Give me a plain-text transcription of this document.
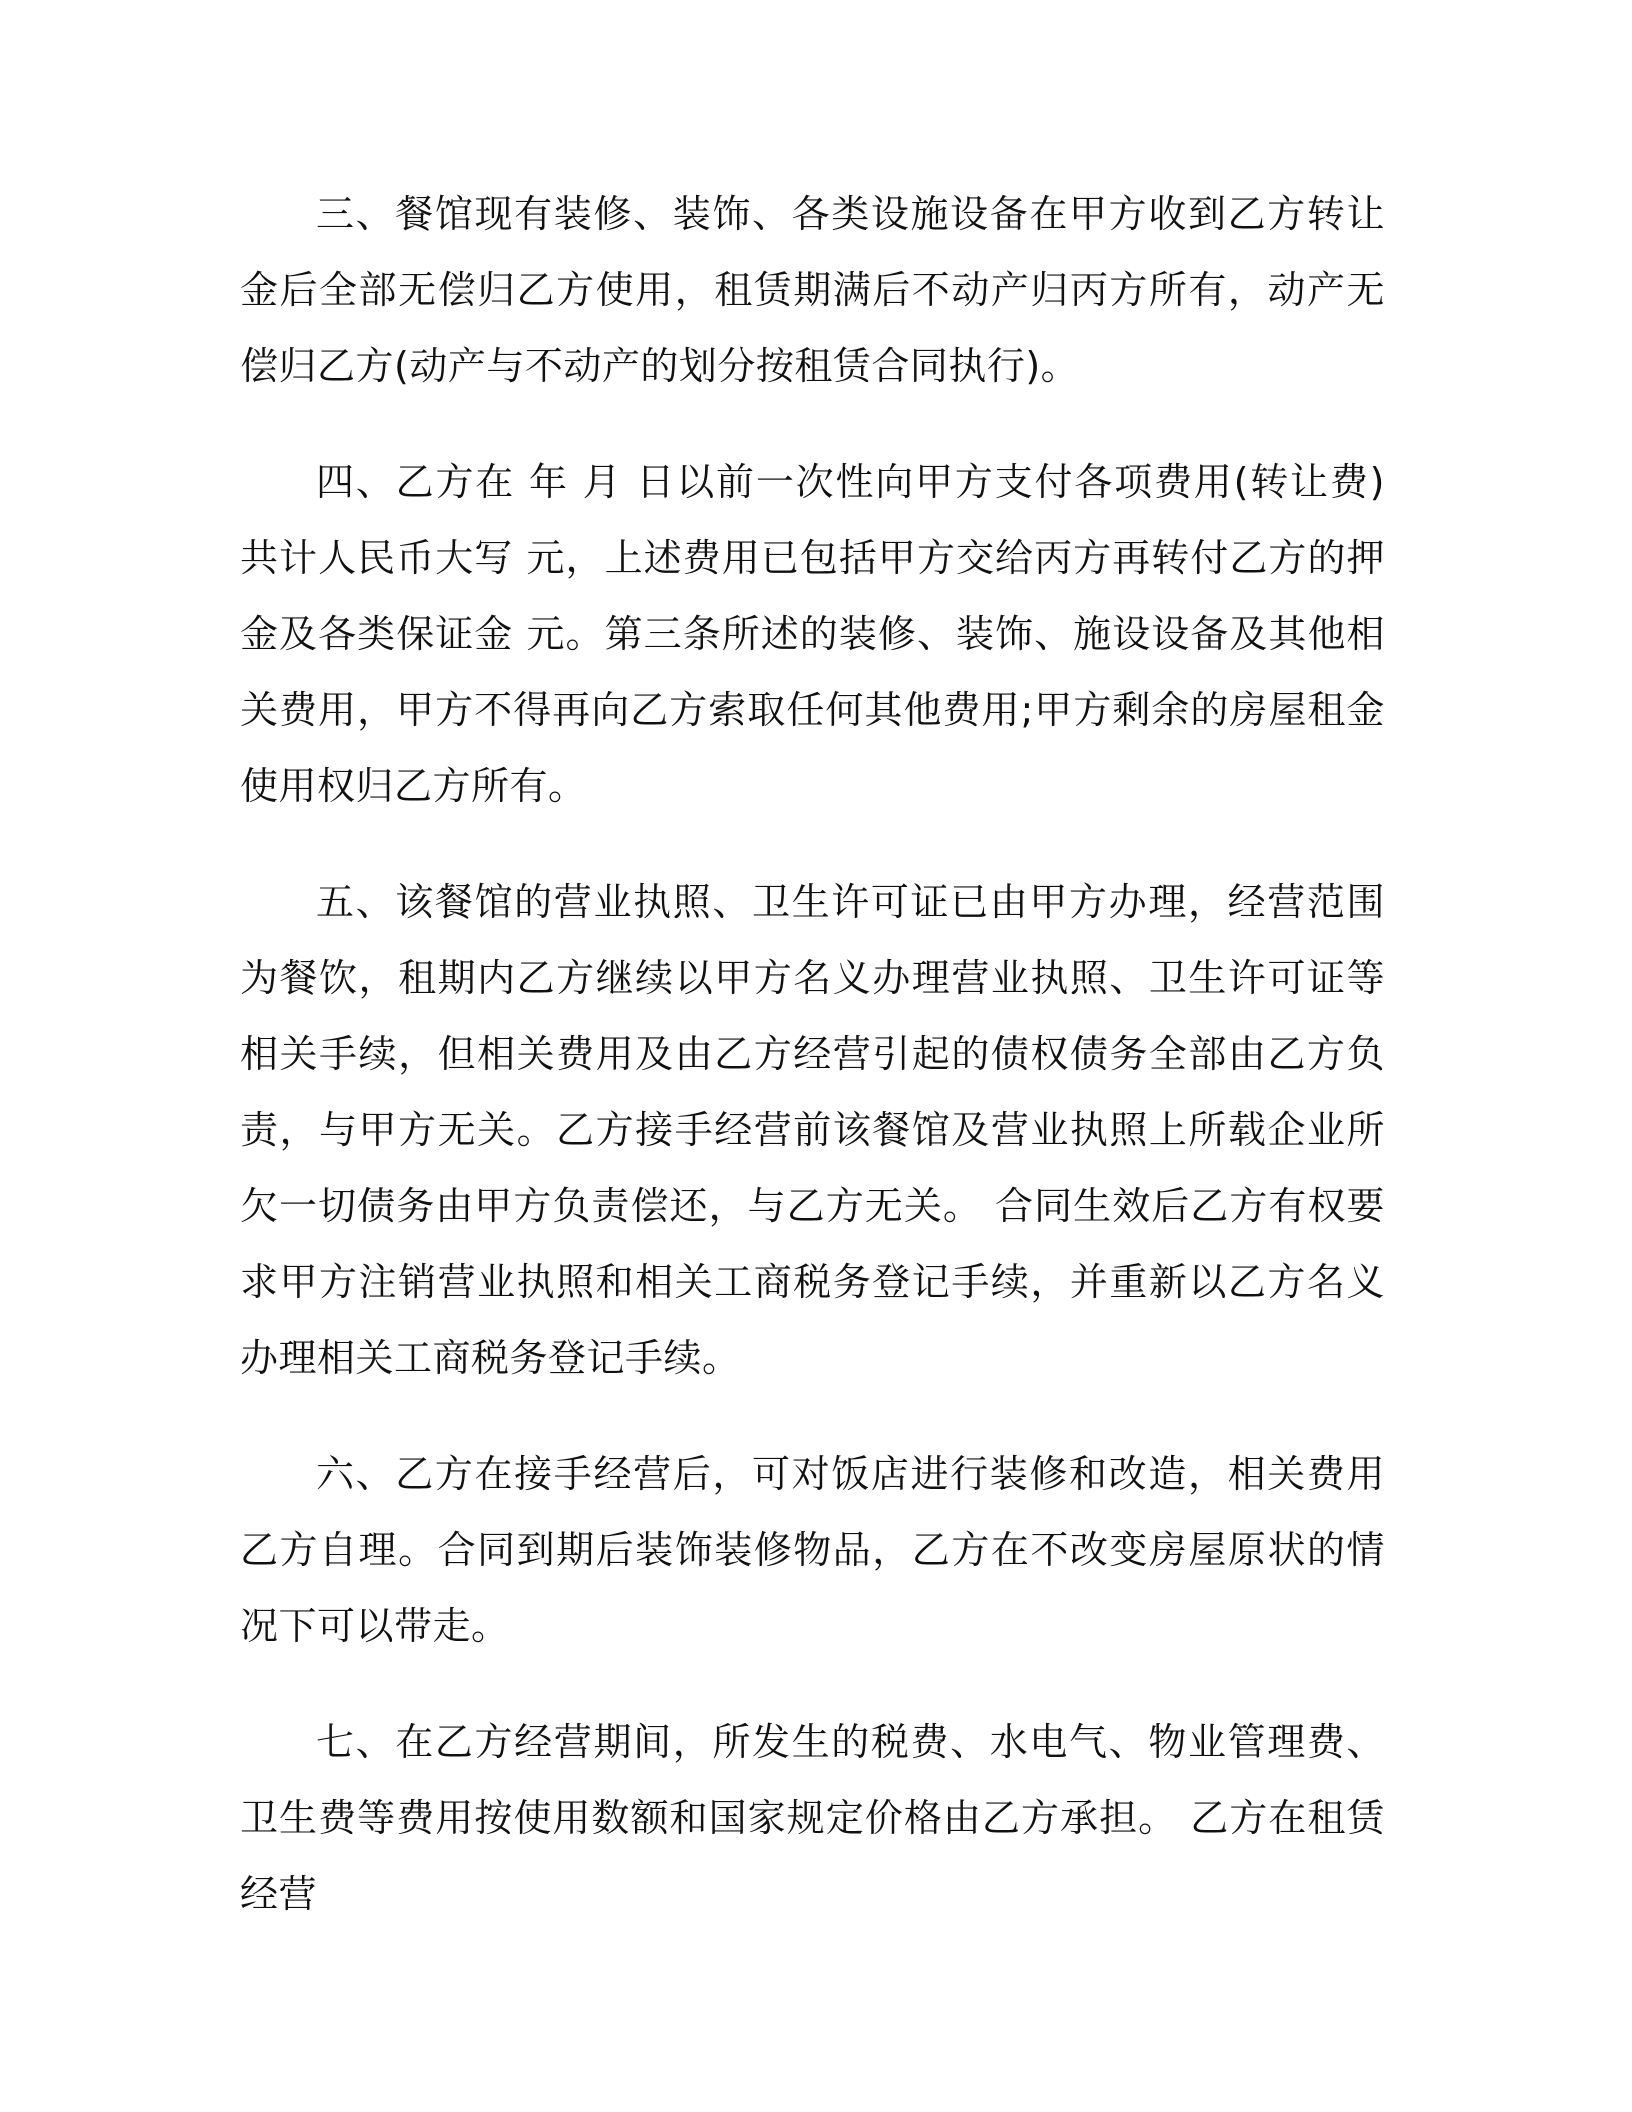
三、餐馆现有装修、装饰、各类设施设备在甲方收到乙方转让金后全部无偿归乙方使用，租赁期满后不动产归丙方所有，动产无偿归乙方(动产与不动产的划分按租赁合同执行)。

四、乙方在 年 月 日以前一次性向甲方支付各项费用(转让费)共计人民币大写 元，上述费用已包括甲方交给丙方再转付乙方的押金及各类保证金 元。第三条所述的装修、装饰、施设设备及其他相关费用，甲方不得再向乙方索取任何其他费用;甲方剩余的房屋租金使用权归乙方所有。

五、该餐馆的营业执照、卫生许可证已由甲方办理，经营范围为餐饮，租期内乙方继续以甲方名义办理营业执照、卫生许可证等相关手续，但相关费用及由乙方经营引起的债权债务全部由乙方负责，与甲方无关。乙方接手经营前该餐馆及营业执照上所载企业所欠一切债务由甲方负责偿还，与乙方无关。 合同生效后乙方有权要求甲方注销营业执照和相关工商税务登记手续，并重新以乙方名义办理相关工商税务登记手续。

六、乙方在接手经营后，可对饭店进行装修和改造，相关费用乙方自理。合同到期后装饰装修物品，乙方在不改变房屋原状的情况下可以带走。

七、在乙方经营期间，所发生的税费、水电气、物业管理费、卫生费等费用按使用数额和国家规定价格由乙方承担。 乙方在租赁经营
